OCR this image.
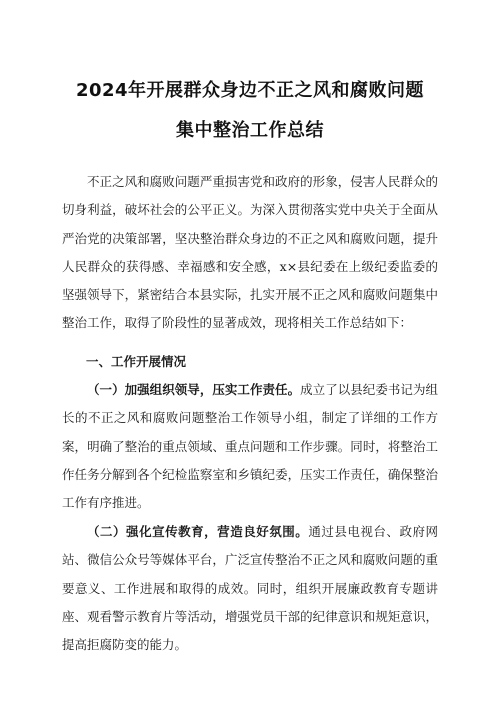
2024年开展群众身边不正之风和腐败问题
集中整治工作总结

不正之风和腐败问题严重损害党和政府的形象，侵害人民群众的切身利益，破坏社会的公平正义。为深入贯彻落实党中央关于全面从严治党的决策部署，坚决整治群众身边的不正之风和腐败问题，提升人民群众的获得感、幸福感和安全感，x×县纪委在上级纪委监委的坚强领导下，紧密结合本县实际，扎实开展不正之风和腐败问题集中整治工作，取得了阶段性的显著成效，现将相关工作总结如下：

一、工作开展情况

（一）加强组织领导，压实工作责任。成立了以县纪委书记为组长的不正之风和腐败问题整治工作领导小组，制定了详细的工作方案，明确了整治的重点领域、重点问题和工作步骤。同时，将整治工作任务分解到各个纪检监察室和乡镇纪委，压实工作责任，确保整治工作有序推进。

（二）强化宣传教育，营造良好氛围。通过县电视台、政府网站、微信公众号等媒体平台，广泛宣传整治不正之风和腐败问题的重要意义、工作进展和取得的成效。同时，组织开展廉政教育专题讲座、观看警示教育片等活动，增强党员干部的纪律意识和规矩意识，提高拒腐防变的能力。
